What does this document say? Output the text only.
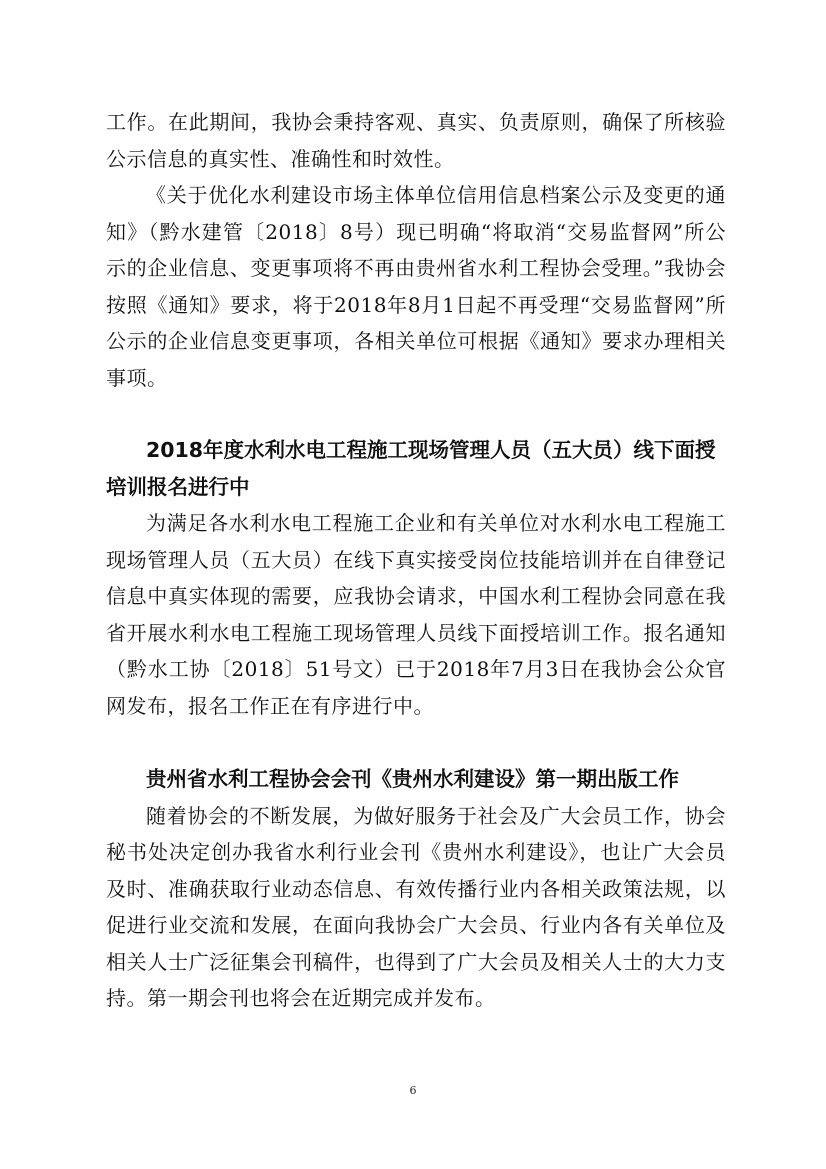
工作。在此期间，我协会秉持客观、真实、负责原则，确保了所核验公示信息的真实性、准确性和时效性。

《关于优化水利建设市场主体单位信用信息档案公示及变更的通知》（黔水建管〔2018〕8号）现已明确“将取消“交易监督网”所公示的企业信息、变更事项将不再由贵州省水利工程协会受理。”我协会按照《通知》要求，将于2018年8月1日起不再受理“交易监督网”所公示的企业信息变更事项，各相关单位可根据《通知》要求办理相关事项。

2018年度水利水电工程施工现场管理人员（五大员）线下面授培训报名进行中

为满足各水利水电工程施工企业和有关单位对水利水电工程施工现场管理人员（五大员）在线下真实接受岗位技能培训并在自律登记信息中真实体现的需要，应我协会请求，中国水利工程协会同意在我省开展水利水电工程施工现场管理人员线下面授培训工作。报名通知（黔水工协〔2018〕51号文）已于2018年7月3日在我协会公众官网发布，报名工作正在有序进行中。

贵州省水利工程协会会刊《贵州水利建设》第一期出版工作

随着协会的不断发展，为做好服务于社会及广大会员工作，协会秘书处决定创办我省水利行业会刊《贵州水利建设》，也让广大会员及时、准确获取行业动态信息、有效传播行业内各相关政策法规，以促进行业交流和发展，在面向我协会广大会员、行业内各有关单位及相关人士广泛征集会刊稿件，也得到了广大会员及相关人士的大力支持。第一期会刊也将会在近期完成并发布。

6
